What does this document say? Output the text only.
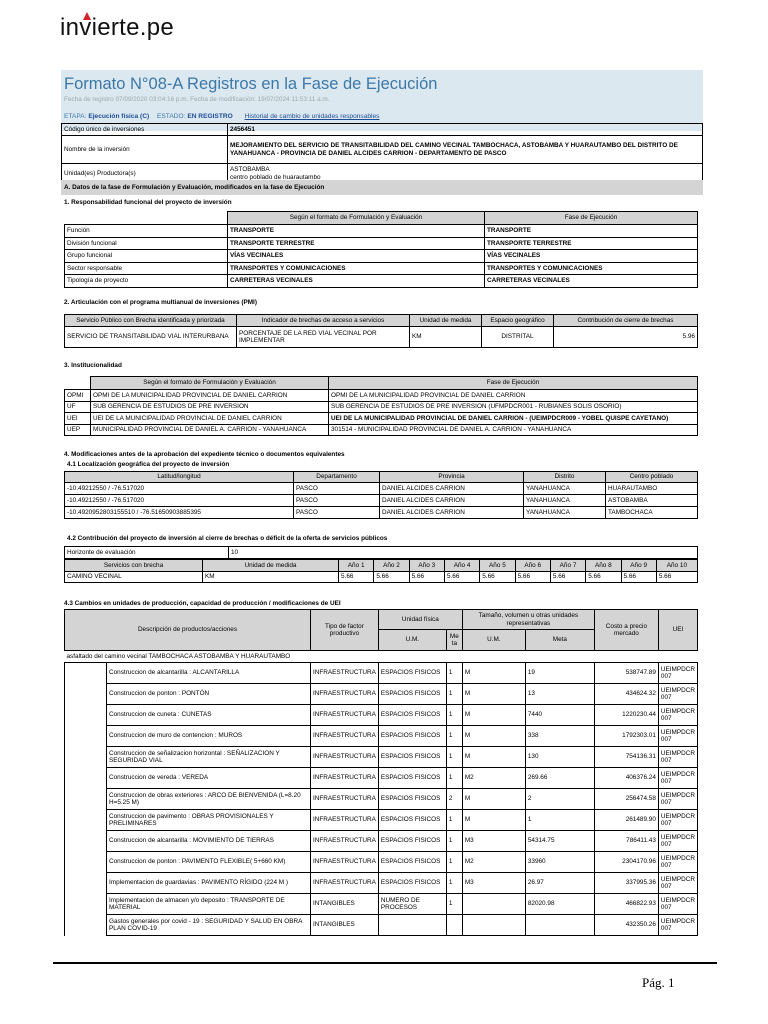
invierte.pe
Formato N°08-A Registros en la Fase de Ejecución
Fecha de registro 07/09/2020 03:04:16 p.m. Fecha de modificación: 19/07/2024 11:53:11 a.m.
ETAPA: Ejecución física (C) ESTADO: EN REGISTRO Historial de cambio de unidades responsables
Código único de inversiones	2456451
Nombre de la inversión	MEJORAMIENTO DEL SERVICIO DE TRANSITABILIDAD DEL CAMINO VECINAL TAMBOCHACA, ASTOBAMBA Y HUARAUTAMBO DEL DISTRITO DE YANAHUANCA - PROVINCIA DE DANIEL ALCIDES CARRION - DEPARTAMENTO DE PASCO
Unidad(es) Productora(s)	ASTOBAMBA
centro poblado de huarautambo
A. Datos de la fase de Formulación y Evaluación, modificados en la fase de Ejecución
1. Responsabilidad funcional del proyecto de inversión
	Según el formato de Formulación y Evaluación	Fase de Ejecución
Función	TRANSPORTE	TRANSPORTE
División funcional	TRANSPORTE TERRESTRE	TRANSPORTE TERRESTRE
Grupo funcional	VÍAS VECINALES	VÍAS VECINALES
Sector responsable	TRANSPORTES Y COMUNICACIONES	TRANSPORTES Y COMUNICACIONES
Tipología de proyecto	CARRETERAS VECINALES	CARRETERAS VECINALES
2. Articulación con el programa multianual de inversiones (PMI)
Servicio Público con Brecha identificada y priorizada	Indicador de brechas de acceso a servicios	Unidad de medida	Espacio geográfico	Contribución de cierre de brechas
SERVICIO DE TRANSITABILIDAD VIAL INTERURBANA	PORCENTAJE DE LA RED VIAL VECINAL POR IMPLEMENTAR	KM	DISTRITAL	5.96
3. Institucionalidad
	Según el formato de Formulación y Evaluación	Fase de Ejecución
OPMI	OPMI DE LA MUNICIPALIDAD PROVINCIAL DE DANIEL CARRION	OPMI DE LA MUNICIPALIDAD PROVINCIAL DE DANIEL CARRION
UF	SUB GERENCIA DE ESTUDIOS DE PRE INVERSION	SUB GERENCIA DE ESTUDIOS DE PRE INVERSION (UFMPDCR001 - RUBIANES SOLIS OSORIO)
UEI	UEI DE LA MUNICIPALIDAD PROVINCIAL DE DANIEL CARRION	UEI DE LA MUNICIPALIDAD PROVINCIAL DE DANIEL CARRION - (UEIMPDCR009 - YOBEL QUISPE CAYETANO)
UEP	MUNICIPALIDAD PROVINCIAL DE DANIEL A. CARRION - YANAHUANCA	301514 - MUNICIPALIDAD PROVINCIAL DE DANIEL A. CARRION - YANAHUANCA
4. Modificaciones antes de la aprobación del expediente técnico o documentos equivalentes
4.1 Localización geográfica del proyecto de inversión
Latitud/longitud	Departamento	Provincia	Distrito	Centro poblado
-10.49212550 / -76.517020	PASCO	DANIEL ALCIDES CARRION	YANAHUANCA	HUARAUTAMBO
-10.49212550 / -76.517020	PASCO	DANIEL ALCIDES CARRION	YANAHUANCA	ASTOBAMBA
-10.4920952803155510 / -76.51650903885395	PASCO	DANIEL ALCIDES CARRION	YANAHUANCA	TAMBOCHACA
4.2 Contribución del proyecto de inversión al cierre de brechas o déficit de la oferta de servicios públicos
Horizonte de evaluación	10
Servicios con brecha	Unidad de medida	Año 1	Año 2	Año 3	Año 4	Año 5	Año 6	Año 7	Año 8	Año 9	Año 10
CAMINO VECINAL	KM	5.66	5.66	5.66	5.66	5.66	5.66	5.66	5.66	5.66	5.66
4.3 Cambios en unidades de producción, capacidad de producción / modificaciones de UEI
Descripción de productos/acciones		Tipo de factor productivo	Unidad física		Tamaño, volumen u otras unidades representativas		Costo a precio mercado	UEI
			U.M.	Me ta	U.M.	Meta		
asfaltado del camino vecinal TAMBOCHACA ASTOBAMBA Y HUARAUTAMBO								
	Construccion de alcantarilla : ALCANTARILLA	INFRAESTRUCTURA	ESPACIOS FISICOS	1	M	19	538747.89	UEIMPDCR 007
	Construccion de ponton : PONTÓN	INFRAESTRUCTURA	ESPACIOS FISICOS	1	M	13	434624.32	UEIMPDCR 007
	Construccion de cuneta : CUNETAS	INFRAESTRUCTURA	ESPACIOS FISICOS	1	M	7440	1220230.44	UEIMPDCR 007
	Construccion de muro de contencion : MUROS	INFRAESTRUCTURA	ESPACIOS FISICOS	1	M	338	1792303.01	UEIMPDCR 007
	Construccion de señalizacion horizontal : SEÑALIZACION Y SEGURIDAD VIAL	INFRAESTRUCTURA	ESPACIOS FISICOS	1	M	130	754136.31	UEIMPDCR 007
	Construccion de vereda : VEREDA	INFRAESTRUCTURA	ESPACIOS FISICOS	1	M2	269.66	406376.24	UEIMPDCR 007
	Construccion de obras exteriores : ARCO DE BIENVENIDA (L=8.20 H=5.25 M)	INFRAESTRUCTURA	ESPACIOS FISICOS	2	M	2	256474.58	UEIMPDCR 007
	Construccion de pavimento : OBRAS PROVISIONALES Y PRELIMINARES	INFRAESTRUCTURA	ESPACIOS FISICOS	1	M	1	261489.90	UEIMPDCR 007
	Construccion de alcantarilla : MOVIMIENTO DE TIERRAS	INFRAESTRUCTURA	ESPACIOS FISICOS	1	M3	54314.75	786411.43	UEIMPDCR 007
	Construccion de ponton : PAVIMENTO FLEXIBLE( 5+660 KM)	INFRAESTRUCTURA	ESPACIOS FISICOS	1	M2	33960	2304170.96	UEIMPDCR 007
	Implementacion de guardavias : PAVIMENTO RÍGIDO (224 M )	INFRAESTRUCTURA	ESPACIOS FISICOS	1	M3	26.97	337995.36	UEIMPDCR 007
	Implementacion de almacen y/o deposito : TRANSPORTE DE MATERIAL	INTANGIBLES	NUMERO DE PROCESOS	1		82020.98	466822.93	UEIMPDCR 007
	Gastos generales por covid - 19 : SEGURIDAD Y SALUD EN OBRA PLAN COVID-19	INTANGIBLES					432350.26	UEIMPDCR 007
Pág. 1
